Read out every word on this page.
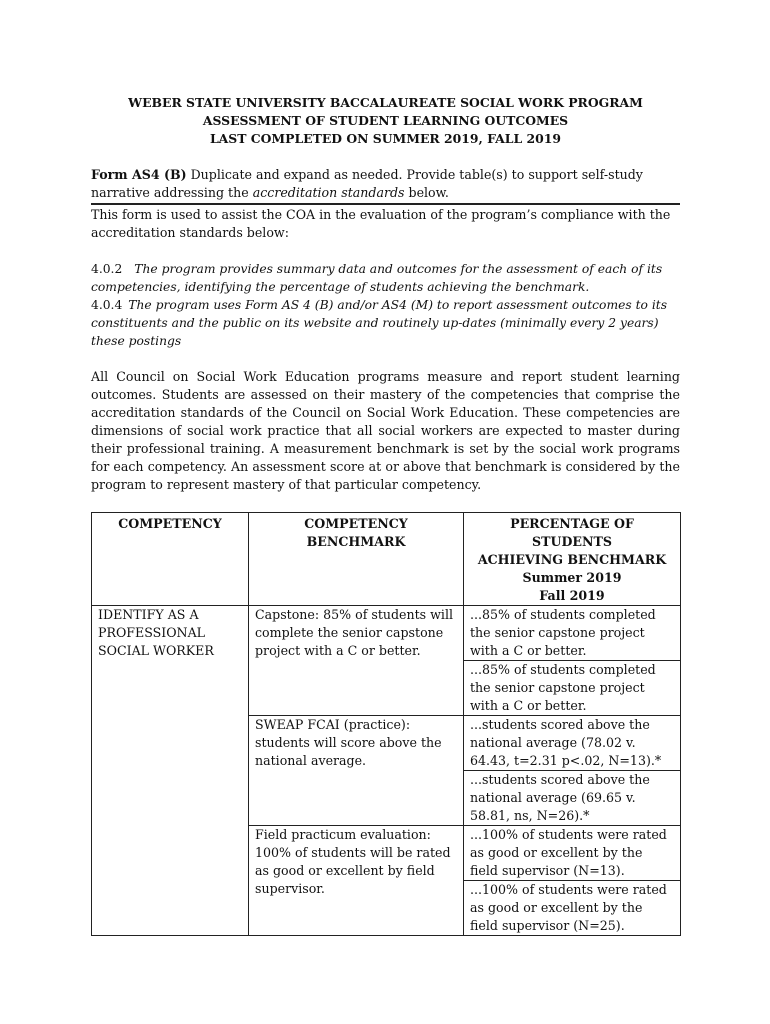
WEBER STATE UNIVERSITY BACCALAUREATE SOCIAL WORK PROGRAM
ASSESSMENT OF STUDENT LEARNING OUTCOMES
LAST COMPLETED ON SUMMER 2019, FALL 2019
Form AS4 (B) Duplicate and expand as needed. Provide table(s) to support self-study narrative addressing the accreditation standards below.
This form is used to assist the COA in the evaluation of the program’s compliance with the accreditation standards below:
4.0.2 The program provides summary data and outcomes for the assessment of each of its competencies, identifying the percentage of students achieving the benchmark.
4.0.4 The program uses Form AS 4 (B) and/or AS4 (M) to report assessment outcomes to its constituents and the public on its website and routinely up-dates (minimally every 2 years) these postings
All Council on Social Work Education programs measure and report student learning outcomes. Students are assessed on their mastery of the competencies that comprise the accreditation standards of the Council on Social Work Education. These competencies are dimensions of social work practice that all social workers are expected to master during their professional training. A measurement benchmark is set by the social work programs for each competency. An assessment score at or above that benchmark is considered by the program to represent mastery of that particular competency.
COMPETENCY	COMPETENCY BENCHMARK	PERCENTAGE OF STUDENTS
ACHIEVING BENCHMARK
Summer 2019
Fall 2019

IDENTIFY AS A PROFESSIONAL SOCIAL WORKER	Capstone: 85% of students will complete the senior capstone project with a C or better.	...85% of students completed the senior capstone project with a C or better.
		...85% of students completed the senior capstone project with a C or better.
	SWEAP FCAI (practice): students will score above the national average.	...students scored above the national average (78.02 v. 64.43, t=2.31 p<.02, N=13).*
		...students scored above the national average (69.65 v. 58.81, ns, N=26).*
	Field practicum evaluation: 100% of students will be rated as good or excellent by field supervisor.	...100% of students were rated as good or excellent by the field supervisor (N=13).
		...100% of students were rated as good or excellent by the field supervisor (N=25).
